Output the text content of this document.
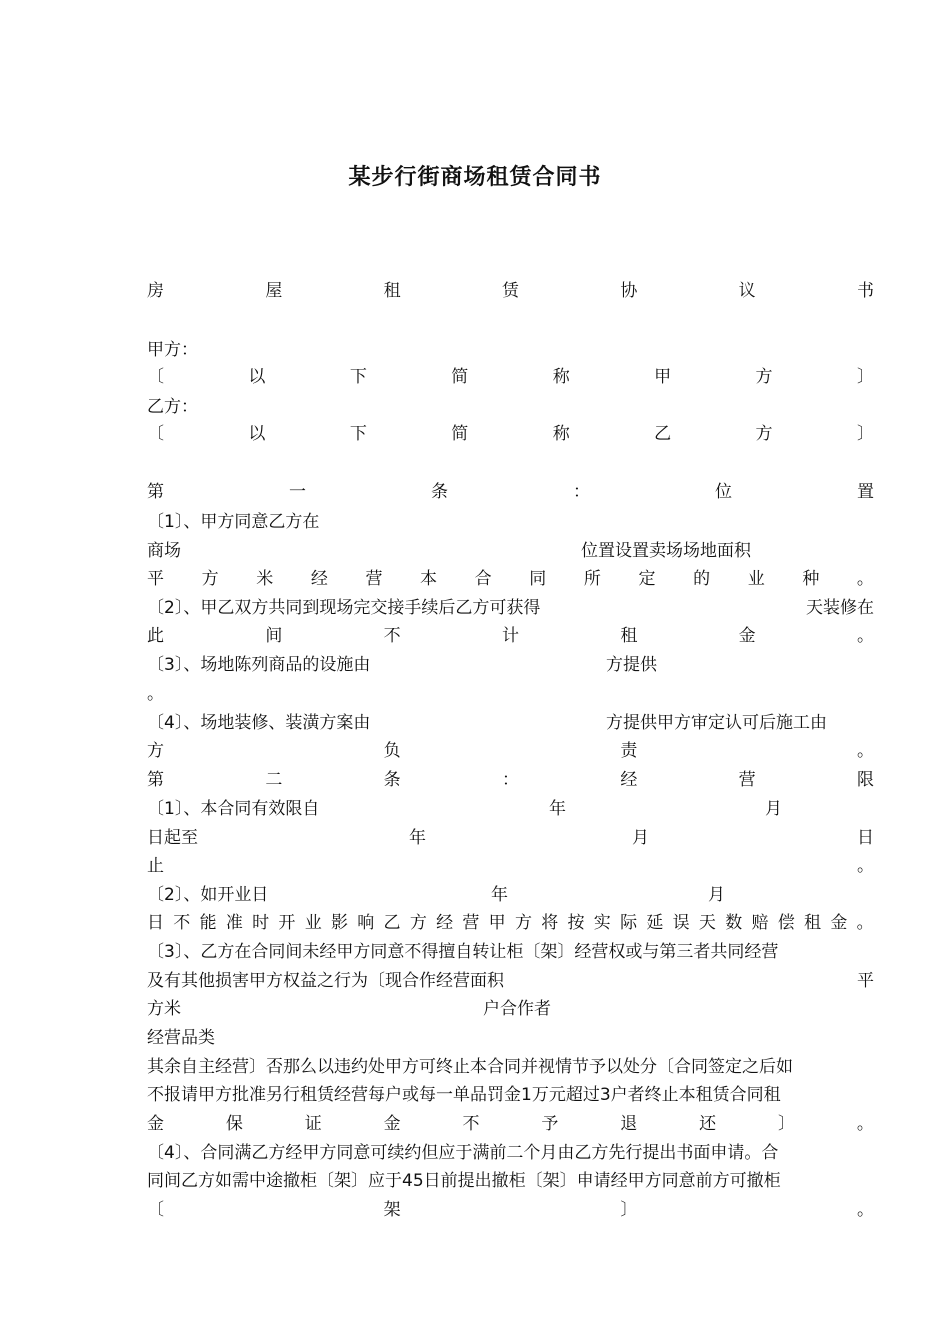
某步行街商场租赁合同书
房	屋	租	赁	协	议	书
甲方：
〔	以	下	简	称	甲	方	〕
乙方：
〔	以	下	简	称	乙	方	〕
第	一	条	：	位	置
〔1〕、甲方同意乙方在
商场	位置设置卖场场地面积
平 方 米 经 营 本 合 同 所 定 的 业 种 。
〔2〕、甲乙双方共同到现场完交接手续后乙方可获得	天装修在
此	间	不	计	租	金	。
〔3〕、场地陈列商品的设施由	方提供
。
〔4〕、场地装修、装潢方案由	方提供甲方审定认可后施工由
方	负	责	。
第	二	条	：	经	营	限
〔1〕、本合同有效限自	年	月
日起至	年	月	日
止	。
〔2〕、如开业日	年	月
日 不 能 准 时 开 业 影 响 乙 方 经 营 甲 方 将 按 实 际 延 误 天 数 赔 偿 租 金 。
〔3〕、乙方在合同间未经甲方同意不得擅自转让柜〔架〕经营权或与第三者共同经营
及有其他损害甲方权益之行为〔现合作经营面积	平
方米	户合作者
经营品类
其余自主经营〕否那么以违约处甲方可终止本合同并视情节予以处分〔合同签定之后如
不报请甲方批准另行租赁经营每户或每一单品罚金1万元超过3户者终止本租赁合同租
金	保	证	金	不	予	退	还	〕	。
〔4〕、合同满乙方经甲方同意可续约但应于满前二个月由乙方先行提出书面申请。合
同间乙方如需中途撤柜〔架〕应于45日前提出撤柜〔架〕申请经甲方同意前方可撤柜
〔	架	〕	。
